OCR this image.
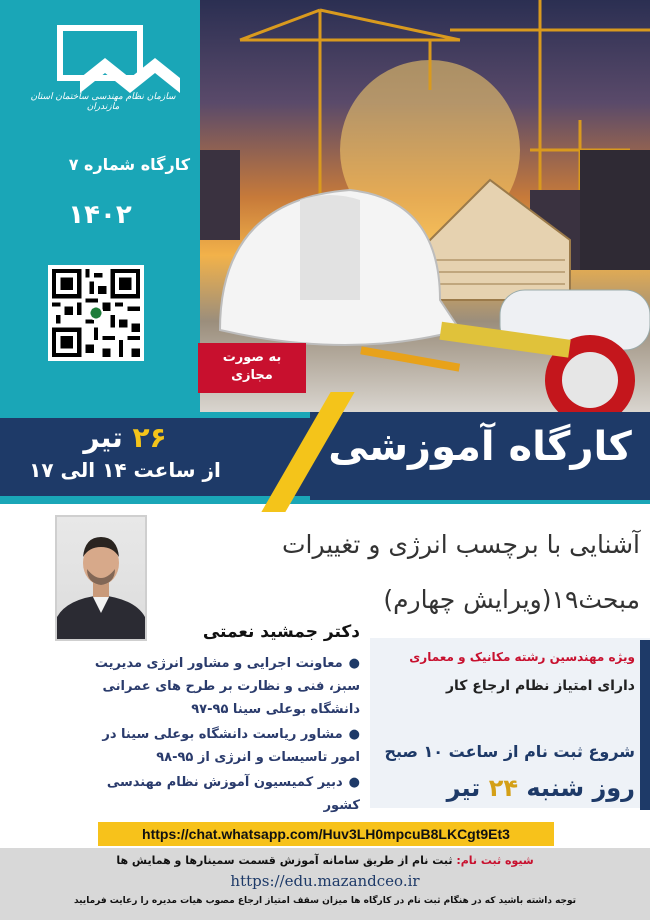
سازمان نظام مهندسی ساختمان استان مازندران
کارگاه شماره ۷
۱۴۰۲
به صورت
مجازی
۲۶ تیر
از ساعت ۱۴ الی ۱۷	کارگاه آموزشی
آشنایی با برچسب انرژی و تغییرات
مبحث۱۹(ویرایش چهارم)
دکتر جمشید نعمتی
● معاونت اجرایی و مشاور انرژی مدیریت سبز، فنی و نظارت بر طرح های عمرانی دانشگاه بوعلی سینا ۹۵-۹۷
● مشاور ریاست دانشگاه بوعلی سینا در امور تاسیسات و انرژی از ۹۵-۹۸
● دبیر کمیسیون آموزش نظام مهندسی کشور
ویژه مهندسین رشته مکانیک و معماری
دارای امتیاز نظام ارجاع کار
شروع ثبت نام از ساعت ۱۰ صبح
روز شنبه ۲۴ تیر
https://chat.whatsapp.com/Huv3LH0mpcuB8LKCgt9Et3
شیوه ثبت نام: ثبت نام از طریق سامانه آموزش قسمت سمینارها و همایش ها
https://edu.mazandceo.ir
توجه داشته باشید که در هنگام ثبت نام در کارگاه ها میزان سقف امتیاز ارجاع مصوب هیات مدیره را رعایت فرمایید
